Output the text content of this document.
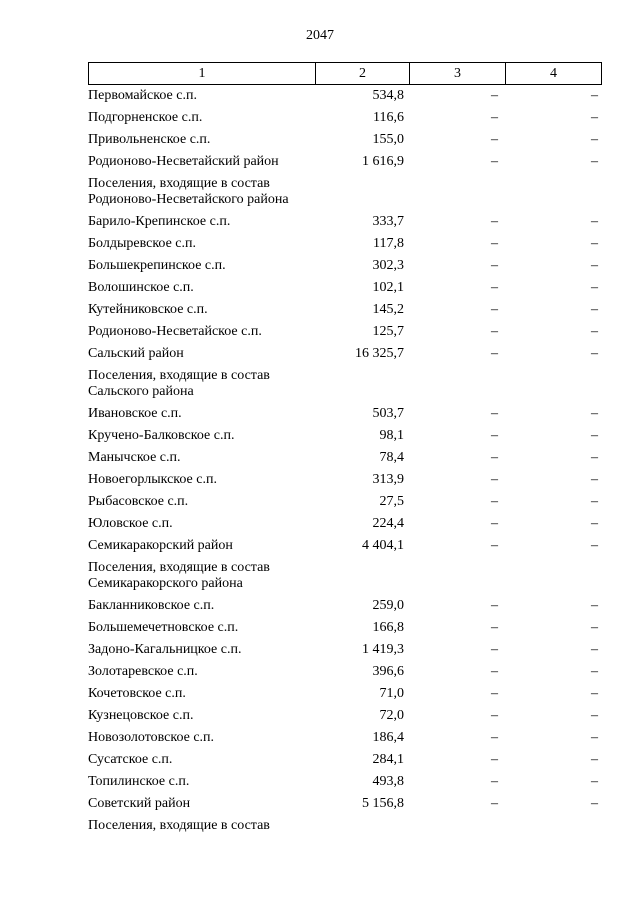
2047
1	2	3	4
Первомайское с.п.	534,8	–	–
Подгорненское с.п.	116,6	–	–
Привольненское с.п.	155,0	–	–
Родионово-Несветайский район	1 616,9	–	–
Поселения, входящие в состав Родионово-Несветайского района
Барило-Крепинское с.п.	333,7	–	–
Болдыревское с.п.	117,8	–	–
Большекрепинское с.п.	302,3	–	–
Волошинское с.п.	102,1	–	–
Кутейниковское с.п.	145,2	–	–
Родионово-Несветайское с.п.	125,7	–	–
Сальский район	16 325,7	–	–
Поселения, входящие в состав Сальского района
Ивановское с.п.	503,7	–	–
Кручено-Балковское с.п.	98,1	–	–
Манычское с.п.	78,4	–	–
Новоегорлыкское с.п.	313,9	–	–
Рыбасовское с.п.	27,5	–	–
Юловское с.п.	224,4	–	–
Семикаракорский район	4 404,1	–	–
Поселения, входящие в состав Семикаракорского района
Бакланниковское с.п.	259,0	–	–
Большемечетновское с.п.	166,8	–	–
Задоно-Кагальницкое с.п.	1 419,3	–	–
Золотаревское с.п.	396,6	–	–
Кочетовское с.п.	71,0	–	–
Кузнецовское с.п.	72,0	–	–
Новозолотовское с.п.	186,4	–	–
Сусатское с.п.	284,1	–	–
Топилинское с.п.	493,8	–	–
Советский район	5 156,8	–	–
Поселения, входящие в состав
